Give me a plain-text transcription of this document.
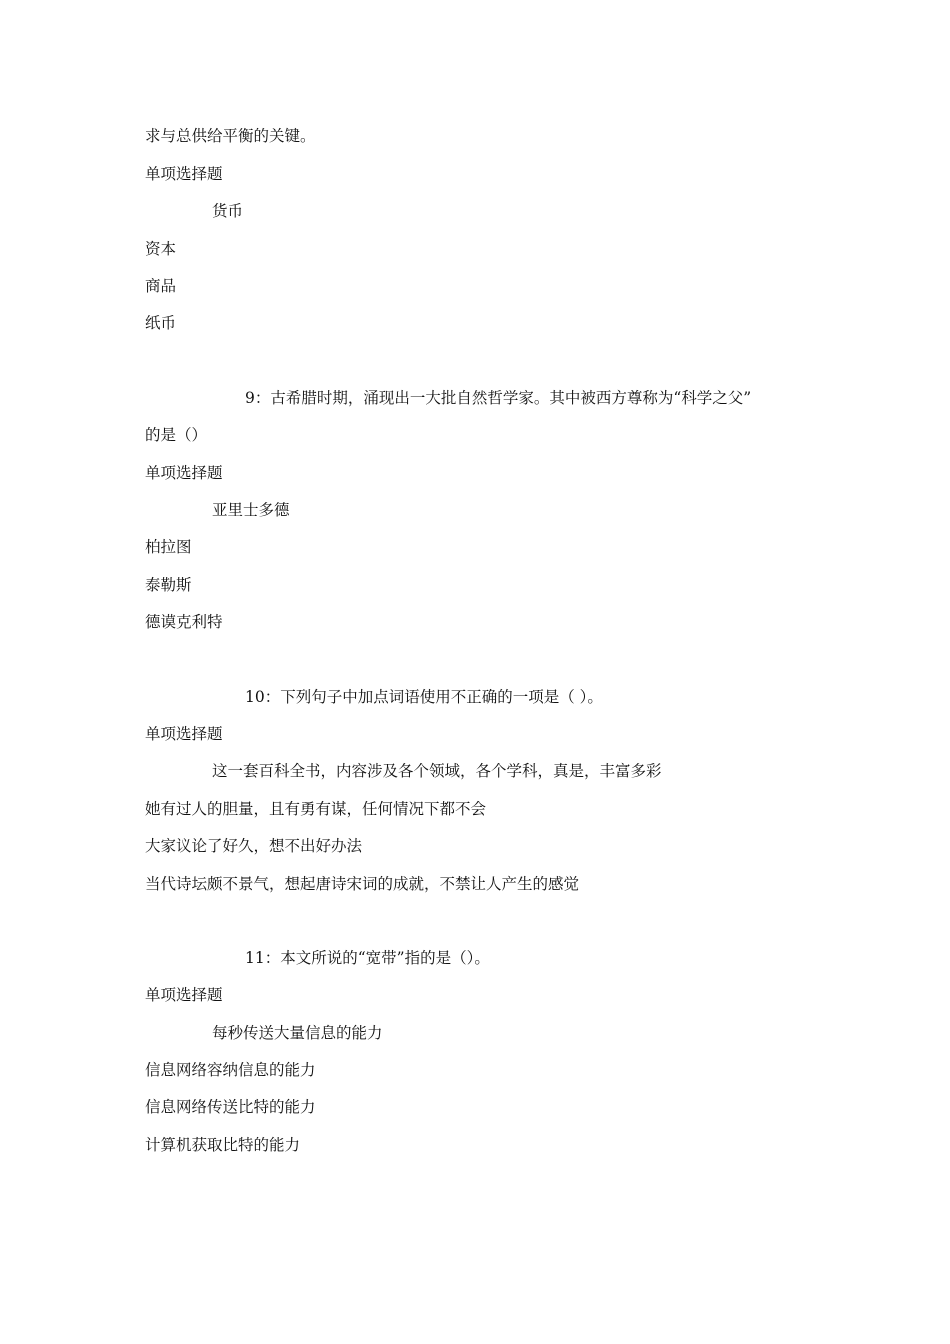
求与总供给平衡的关键。
单项选择题
货币
资本
商品
纸币
9：古希腊时期，涌现出一大批自然哲学家。其中被西方尊称为“科学之父”
的是（）
单项选择题
亚里士多德
柏拉图
泰勒斯
德谟克利特
10：下列句子中加点词语使用不正确的一项是（ ）。
单项选择题
这一套百科全书，内容涉及各个领域，各个学科，真是，丰富多彩
她有过人的胆量，且有勇有谋，任何情况下都不会
大家议论了好久，想不出好办法
当代诗坛颇不景气，想起唐诗宋词的成就，不禁让人产生的感觉
11：本文所说的“宽带”指的是（）。
单项选择题
每秒传送大量信息的能力
信息网络容纳信息的能力
信息网络传送比特的能力
计算机获取比特的能力
